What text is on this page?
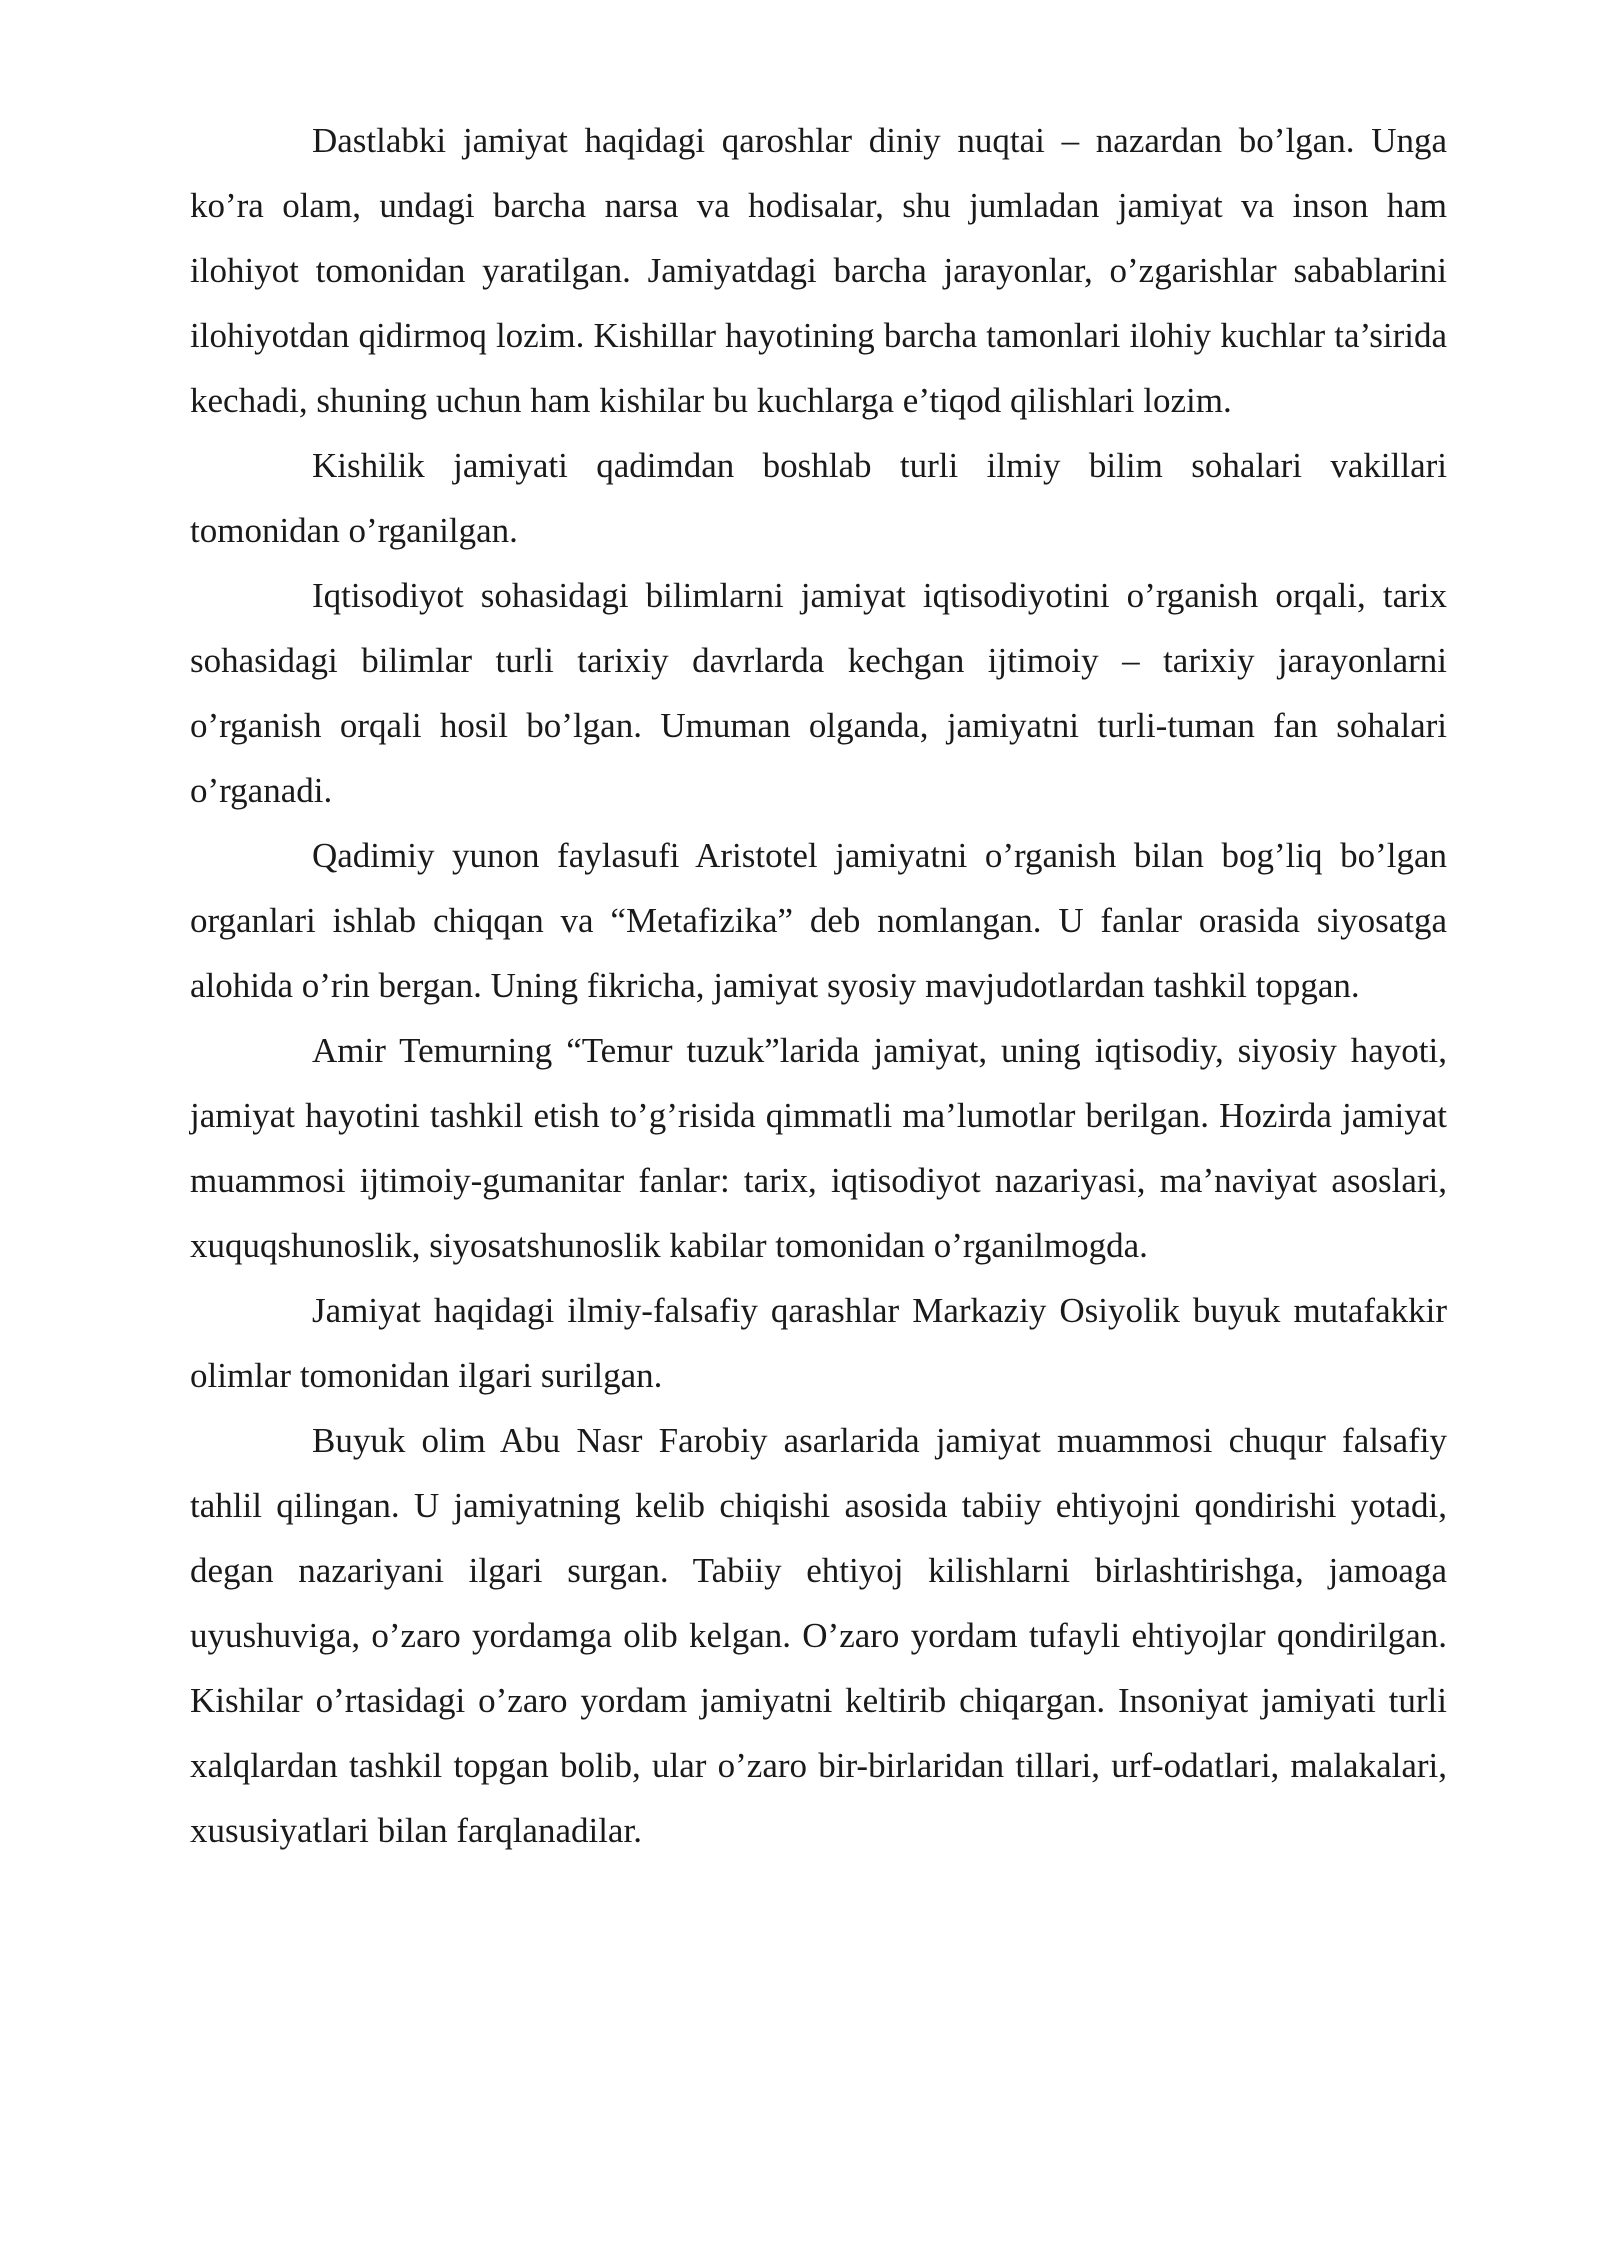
Dastlabki jamiyat haqidagi qaroshlar diniy nuqtai – nazardan bo’lgan. Unga ko’ra olam, undagi barcha narsa va hodisalar, shu jumladan jamiyat va inson ham ilohiyot tomonidan yaratilgan. Jamiyatdagi barcha jarayonlar, o’zgarishlar sabablarini ilohiyotdan qidirmoq lozim. Kishillar hayotining barcha tamonlari ilohiy kuchlar ta’sirida kechadi, shuning uchun ham kishilar bu kuchlarga e’tiqod qilishlari lozim.

Kishilik jamiyati qadimdan boshlab turli ilmiy bilim sohalari vakillari tomonidan o’rganilgan.

Iqtisodiyot sohasidagi bilimlarni jamiyat iqtisodiyotini o’rganish orqali, tarix sohasidagi bilimlar turli tarixiy davrlarda kechgan ijtimoiy – tarixiy jarayonlarni o’rganish orqali hosil bo’lgan. Umuman olganda, jamiyatni turli-tuman fan sohalari o’rganadi.

Qadimiy yunon faylasufi Aristotel jamiyatni o’rganish bilan bog’liq bo’lgan organlari ishlab chiqqan va “Metafizika” deb nomlangan. U fanlar orasida siyosatga alohida o’rin bergan. Uning fikricha, jamiyat syosiy mavjudotlardan tashkil topgan.

Amir Temurning “Temur tuzuk”larida jamiyat, uning iqtisodiy, siyosiy hayoti, jamiyat hayotini tashkil etish to’g’risida qimmatli ma’lumotlar berilgan. Hozirda jamiyat muammosi ijtimoiy-gumanitar fanlar: tarix, iqtisodiyot nazariyasi, ma’naviyat asoslari, xuquqshunoslik, siyosatshunoslik kabilar tomonidan o’rganilmogda.

Jamiyat haqidagi ilmiy-falsafiy qarashlar Markaziy Osiyolik buyuk mutafakkir olimlar tomonidan ilgari surilgan.

Buyuk olim Abu Nasr Farobiy asarlarida jamiyat muammosi chuqur falsafiy tahlil qilingan. U jamiyatning kelib chiqishi asosida tabiiy ehtiyojni qondirishi yotadi, degan nazariyani ilgari surgan. Tabiiy ehtiyoj kilishlarni birlashtirishga, jamoaga uyushuviga, o’zaro yordamga olib kelgan. O’zaro yordam tufayli ehtiyojlar qondirilgan. Kishilar o’rtasidagi o’zaro yordam jamiyatni keltirib chiqargan. Insoniyat jamiyati turli xalqlardan tashkil topgan bolib, ular o’zaro bir-birlaridan tillari, urf-odatlari, malakalari, xususiyatlari bilan farqlanadilar.
